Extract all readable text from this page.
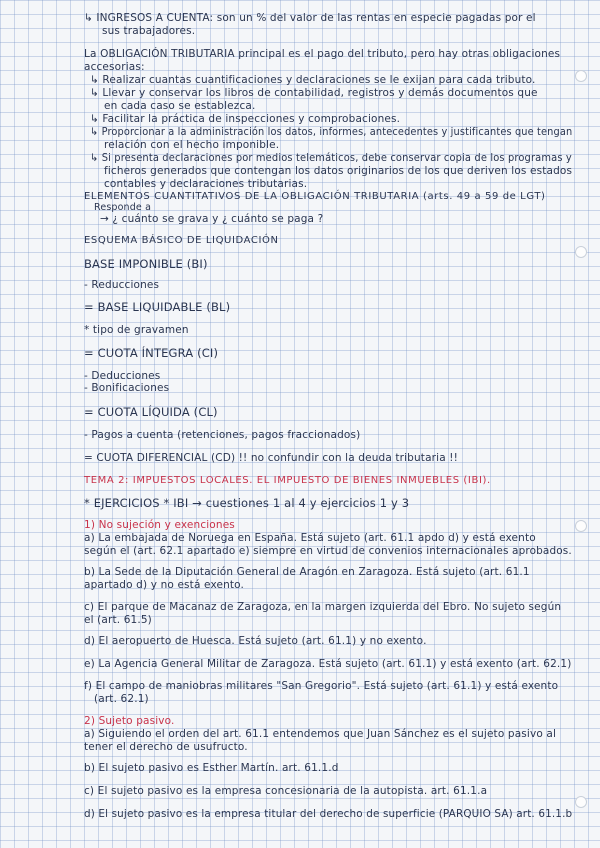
↳ INGRESOS A CUENTA: son un % del valor de las rentas en especie pagadas por el
sus trabajadores.
La OBLIGACIÓN TRIBUTARIA principal es el pago del tributo, pero hay otras obligaciones
accesorias:
↳ Realizar cuantas cuantificaciones y declaraciones se le exijan para cada tributo.
↳ Llevar y conservar los libros de contabilidad, registros y demás documentos que
en cada caso se establezca.
↳ Facilitar la práctica de inspecciones y comprobaciones.
↳ Proporcionar a la administración los datos, informes, antecedentes y justificantes que tengan
relación con el hecho imponible.
↳ Si presenta declaraciones por medios telemáticos, debe conservar copia de los programas y
ficheros generados que contengan los datos originarios de los que deriven los estados
contables y declaraciones tributarias.
ELEMENTOS CUANTITATIVOS DE LA OBLIGACIÓN TRIBUTARIA (arts. 49 a 59 de LGT)
Responde a
→ ¿ cuánto se grava y ¿ cuánto se paga ?
ESQUEMA BÁSICO DE LIQUIDACIÓN
BASE IMPONIBLE (BI)
- Reducciones
= BASE LIQUIDABLE (BL)
* tipo de gravamen
= CUOTA ÍNTEGRA (CI)
- Deducciones
- Bonificaciones
= CUOTA LÍQUIDA (CL)
- Pagos a cuenta (retenciones, pagos fraccionados)
= CUOTA DIFERENCIAL (CD) !! no confundir con la deuda tributaria !!
TEMA 2: IMPUESTOS LOCALES. EL IMPUESTO DE BIENES INMUEBLES (IBI).
* EJERCICIOS * IBI → cuestiones 1 al 4 y ejercicios 1 y 3
1) No sujeción y exenciones
a) La embajada de Noruega en España. Está sujeto (art. 61.1 apdo d) y está exento
según el (art. 62.1 apartado e) siempre en virtud de convenios internacionales aprobados.
b) La Sede de la Diputación General de Aragón en Zaragoza. Está sujeto (art. 61.1
apartado d) y no está exento.
c) El parque de Macanaz de Zaragoza, en la margen izquierda del Ebro. No sujeto según
el (art. 61.5)
d) El aeropuerto de Huesca. Está sujeto (art. 61.1) y no exento.
e) La Agencia General Militar de Zaragoza. Está sujeto (art. 61.1) y está exento (art. 62.1)
f) El campo de maniobras militares "San Gregorio". Está sujeto (art. 61.1) y está exento
(art. 62.1)
2) Sujeto pasivo.
a) Siguiendo el orden del art. 61.1 entendemos que Juan Sánchez es el sujeto pasivo al
tener el derecho de usufructo.
b) El sujeto pasivo es Esther Martín. art. 61.1.d
c) El sujeto pasivo es la empresa concesionaria de la autopista. art. 61.1.a
d) El sujeto pasivo es la empresa titular del derecho de superficie (PARQUIO SA) art. 61.1.b
